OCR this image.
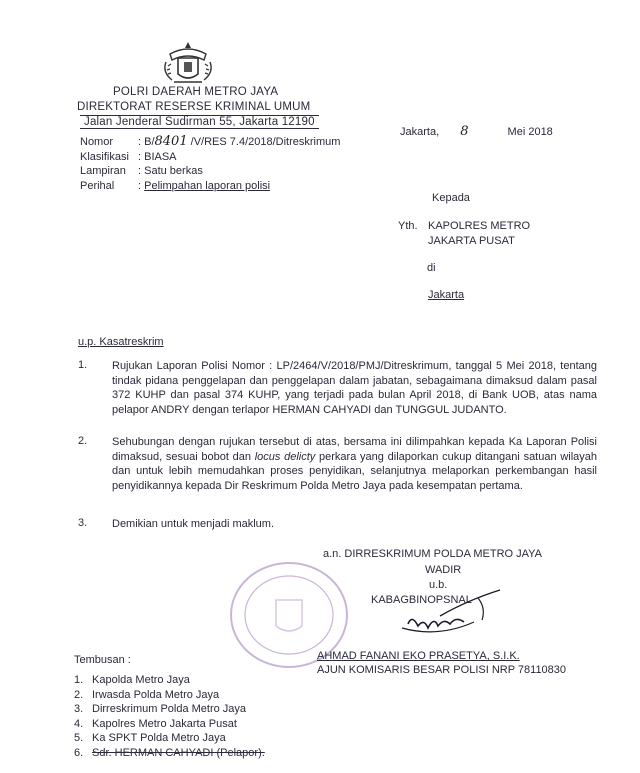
POLRI DAERAH METRO JAYA
DIREKTORAT RESERSE KRIMINAL UMUM
Jalan Jenderal Sudirman 55, Jakarta 12190
Jakarta, 8	Mei 2018
Nomor : B/8401 /V/RES 7.4/2018/Ditreskrimum
Klasifikasi : BIASA
Lampiran : Satu berkas
Perihal : Pelimpahan laporan polisi
Kepada
Yth. KAPOLRES METRO
JAKARTA PUSAT
di
Jakarta
u.p. Kasatreskrim
1. Rujukan Laporan Polisi Nomor : LP/2464/V/2018/PMJ/Ditreskrimum, tanggal 5 Mei 2018, tentang tindak pidana penggelapan dan penggelapan dalam jabatan, sebagaimana dimaksud dalam pasal 372 KUHP dan pasal 374 KUHP, yang terjadi pada bulan April 2018, di Bank UOB, atas nama pelapor ANDRY dengan terlapor HERMAN CAHYADI dan TUNGGUL JUDANTO.
2. Sehubungan dengan rujukan tersebut di atas, bersama ini dilimpahkan kepada Ka Laporan Polisi dimaksud, sesuai bobot dan locus delicty perkara yang dilaporkan cukup ditangani satuan wilayah dan untuk lebih memudahkan proses penyidikan, selanjutnya melaporkan perkembangan hasil penyidikannya kepada Dir Reskrimum Polda Metro Jaya pada kesempatan pertama.
3. Demikian untuk menjadi maklum.
a.n. DIRRESKRIMUM POLDA METRO JAYA
WADIR
u.b.
KABAGBINOPSNAL
AHMAD FANANI EKO PRASETYA, S.I.K.
AJUN KOMISARIS BESAR POLISI NRP 78110830
Tembusan :
1. Kapolda Metro Jaya
2. Irwasda Polda Metro Jaya
3. Dirreskrimum Polda Metro Jaya
4. Kapolres Metro Jakarta Pusat
5. Ka SPKT Polda Metro Jaya
6. Sdr. HERMAN CAHYADI (Pelapor).
